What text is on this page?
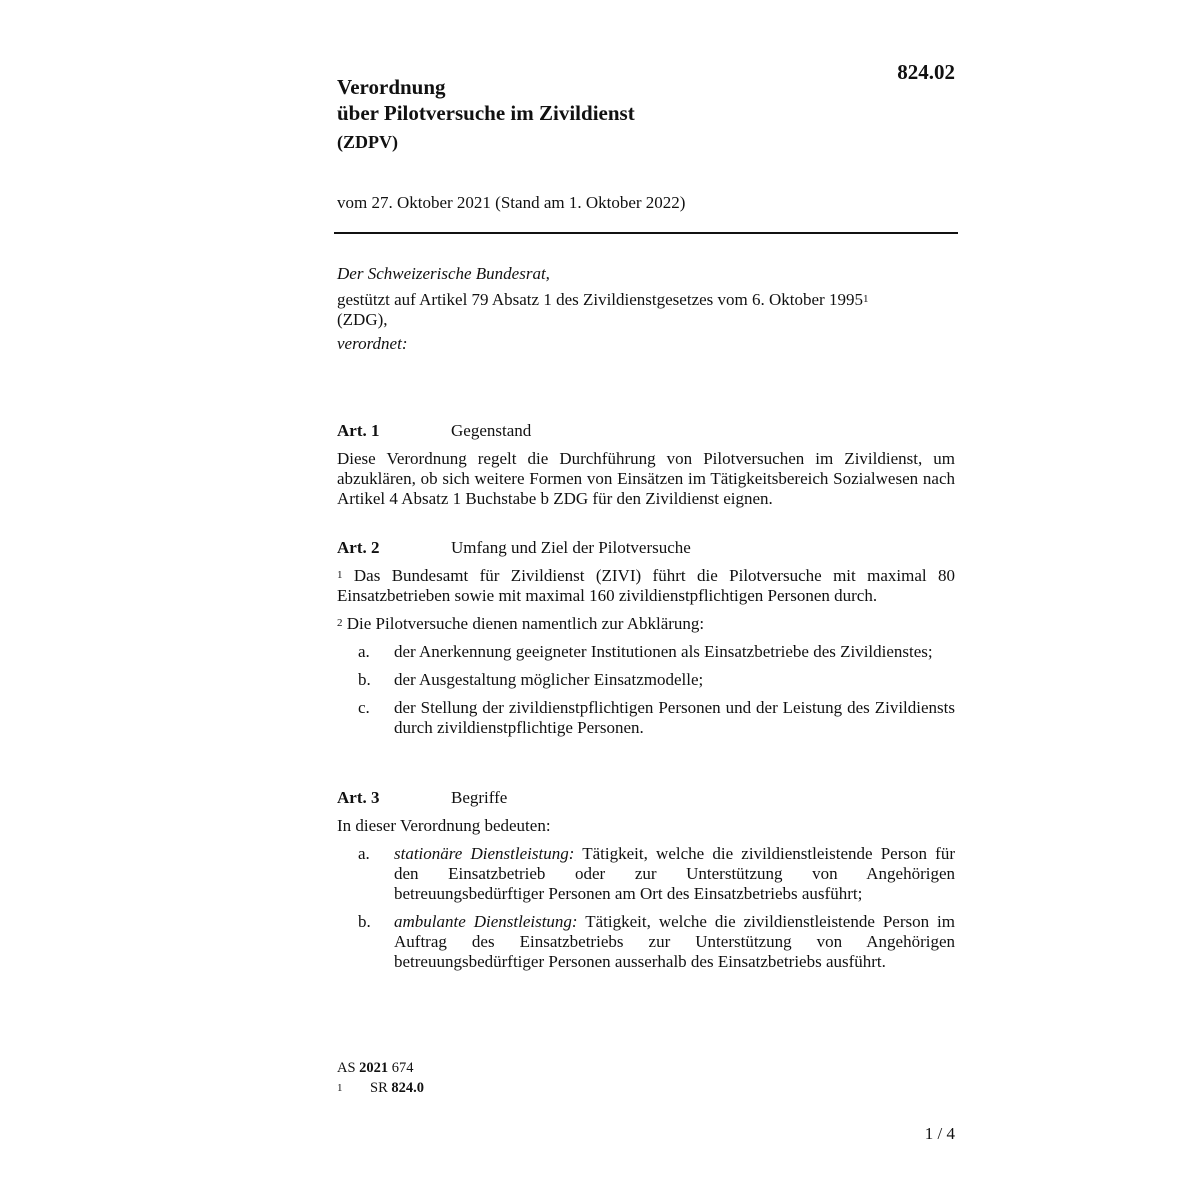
824.02
Verordnung
über Pilotversuche im Zivildienst
(ZDPV)
vom 27. Oktober 2021 (Stand am 1. Oktober 2022)

Der Schweizerische Bundesrat,

gestützt auf Artikel 79 Absatz 1 des Zivildienstgesetzes vom 6. Oktober 1995$^1$

(ZDG),

verordnet:

Art. 1	Gegenstand

Diese Verordnung regelt die Durchführung von Pilotversuchen im Zivildienst, um abzuklären, ob sich weitere Formen von Einsätzen im Tätigkeitsbereich Sozialwesen nach Artikel 4 Absatz 1 Buchstabe b ZDG für den Zivildienst eignen.

Art. 2	Umfang und Ziel der Pilotversuche

$^1$ Das Bundesamt für Zivildienst (ZIVI) führt die Pilotversuche mit maximal 80 Einsatzbetrieben sowie mit maximal 160 zivildienstpflichtigen Personen durch.

$^2$ Die Pilotversuche dienen namentlich zur Abklärung:

a.	der Anerkennung geeigneter Institutionen als Einsatzbetriebe des Zivildienstes;
b.	der Ausgestaltung möglicher Einsatzmodelle;
c.	der Stellung der zivildienstpflichtigen Personen und der Leistung des Zivildiensts durch zivildienstpflichtige Personen.
Art. 3	Begriffe

In dieser Verordnung bedeuten:

a.	stationäre Dienstleistung: Tätigkeit, welche die zivildienstleistende Person für den Einsatzbetrieb oder zur Unterstützung von Angehörigen betreuungsbedürftiger Personen am Ort des Einsatzbetriebs ausführt;
b.	ambulante Dienstleistung: Tätigkeit, welche die zivildienstleistende Person im Auftrag des Einsatzbetriebs zur Unterstützung von Angehörigen betreuungsbedürftiger Personen ausserhalb des Einsatzbetriebs ausführt.
AS 2021 674
1	SR 824.0
1 / 4
